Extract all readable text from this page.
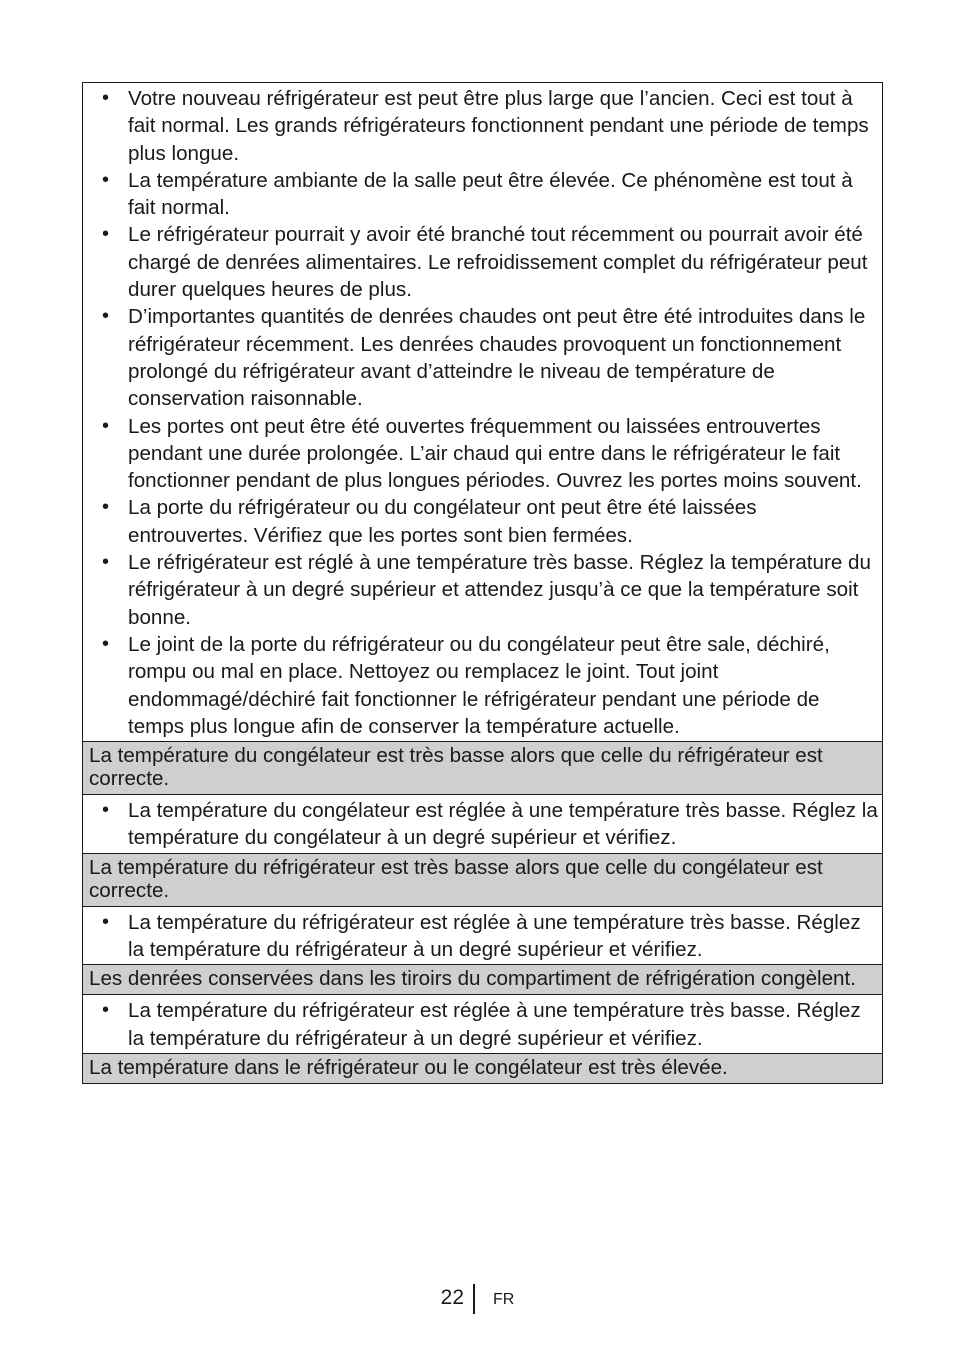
• Votre nouveau réfrigérateur est peut être plus large que l’ancien. Ceci est tout à fait normal. Les grands réfrigérateurs fonctionnent pendant une période de temps plus longue.
• La température ambiante de la salle peut être élevée. Ce phénomène est tout à fait normal.
• Le réfrigérateur pourrait y avoir été branché tout récemment ou pourrait avoir été chargé de denrées alimentaires. Le refroidissement complet du réfrigérateur peut durer quelques heures de plus.
• D’importantes quantités de denrées chaudes ont peut être été introduites dans le réfrigérateur récemment. Les denrées chaudes provoquent un fonctionnement prolongé du réfrigérateur avant d’atteindre le niveau de température de conservation raisonnable.
• Les portes ont peut être été ouvertes fréquemment ou laissées entrouvertes pendant une durée prolongée. L’air chaud qui entre dans le réfrigérateur le fait fonctionner pendant de plus longues périodes. Ouvrez les portes moins souvent.
• La porte du réfrigérateur ou du congélateur ont peut être été laissées entrouvertes. Vérifiez que les portes sont bien fermées.
• Le réfrigérateur est réglé à une température très basse. Réglez la température du réfrigérateur à un degré supérieur et attendez jusqu’à ce que la température soit bonne.
• Le joint de la porte du réfrigérateur ou du congélateur peut être sale, déchiré, rompu ou mal en place. Nettoyez ou remplacez le joint. Tout joint endommagé/déchiré fait fonctionner le réfrigérateur pendant une période de temps plus longue afin de conserver la température actuelle.
La température du congélateur est très basse alors que celle du réfrigérateur est correcte.
• La température du congélateur est réglée à une température très basse. Réglez la température du congélateur à un degré supérieur et vérifiez.
La température du réfrigérateur est très basse alors que celle du congélateur est correcte.
• La température du réfrigérateur est réglée à une température très basse. Réglez la température du réfrigérateur à un degré supérieur et vérifiez.
Les denrées conservées dans les tiroirs du compartiment de réfrigération congèlent.
• La température du réfrigérateur est réglée à une température très basse. Réglez la température du réfrigérateur à un degré supérieur et vérifiez.
La température dans le réfrigérateur ou le congélateur est très élevée.
22 FR
